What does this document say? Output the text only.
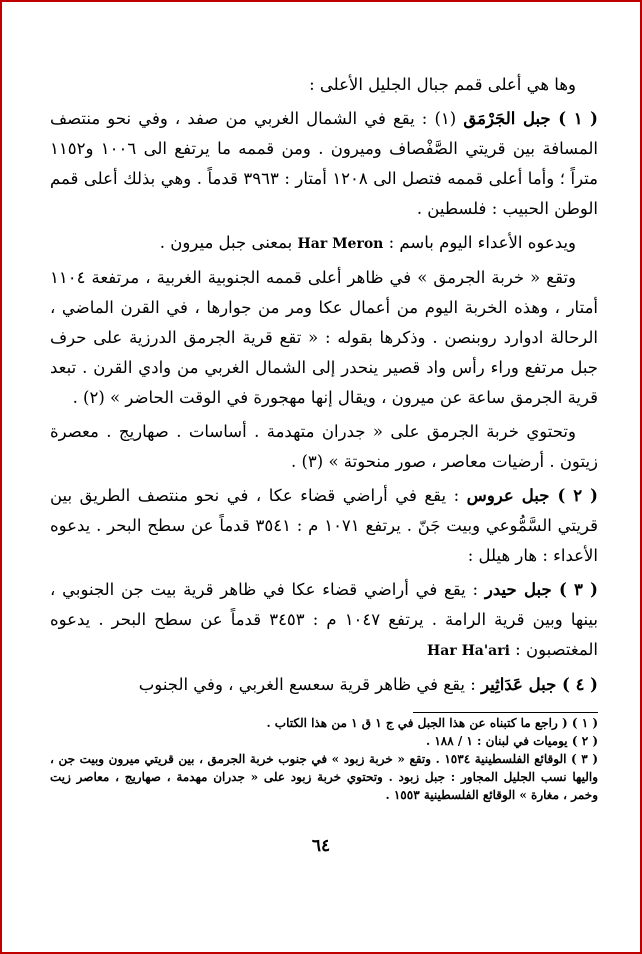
وها هي أعلى قمم جبال الجليل الأعلى :

( ١ ) جبل الجَرْمَق (١) : يقع في الشمال الغربي من صفد ، وفي نحو منتصف المسافة بين قريتي الصَّفْصاف وميرون . ومن قممه ما يرتفع الى ١٠٠٦ و١١٥٢ متراً ؛ وأما أعلى قممه فتصل الى ١٢٠٨ أمتار : ٣٩٦٣ قدماً . وهي بذلك أعلى قمم الوطن الحبيب : فلسطين .

ويدعوه الأعداء اليوم باسم : Har Meron بمعنى جبل ميرون .

وتقع « خربة الجرمق » في ظاهر أعلى قممه الجنوبية الغربية ، مرتفعة ١١٠٤ أمتار ، وهذه الخربة اليوم من أعمال عكا ومر من جوارها ، في القرن الماضي ، الرحالة ادوارد روبنصن . وذكرها بقوله : « تقع قرية الجرمق الدرزية على حرف جبل مرتفع وراء رأس واد قصير ينحدر إلى الشمال الغربي من وادي القرن . تبعد قرية الجرمق ساعة عن ميرون ، ويقال إنها مهجورة في الوقت الحاضر » (٢) .

وتحتوي خربة الجرمق على « جدران متهدمة . أساسات . صهاريج . معصرة زيتون . أرضيات معاصر ، صور منحوتة » (٣) .

( ٢ ) جبل عروس : يقع في أراضي قضاء عكا ، في نحو منتصف الطريق بين قريتي السَّمُّوعي وبيت جَنّ . يرتفع ١٠٧١ م : ٣٥٤١ قدماً عن سطح البحر . يدعوه الأعداء : هار هيلل :

( ٣ ) جبل حيدر : يقع في أراضي قضاء عكا في ظاهر قرية بيت جن الجنوبي ، بينها وبين قرية الرامة . يرتفع ١٠٤٧ م : ٣٤٥٣ قدماً عن سطح البحر . يدعوه المغتصبون : Har Ha'ari

( ٤ ) جبل عَدَاثِير : يقع في ظاهر قرية سعسع الغربي ، وفي الجنوب

( ١ ) ( راجع ما كتبناه عن هذا الجبل في ج ١ ق ١ من هذا الكتاب .

( ٢ ) يوميات في لبنان : ١ / ١٨٨ .

( ٣ ) الوقائع الفلسطينية ١٥٣٤ . وتقع « خربة زبود » في جنوب خربة الجرمق ، بين قريتي ميرون وبيت جن ، واليها نسب الجليل المجاور : جبل زبود . وتحتوي خربة زبود على « جدران مهدمة ، صهاريج ، معاصر زيت وخمر ، مغارة » الوقائع الفلسطينية ١٥٥٣ .

٦٤
